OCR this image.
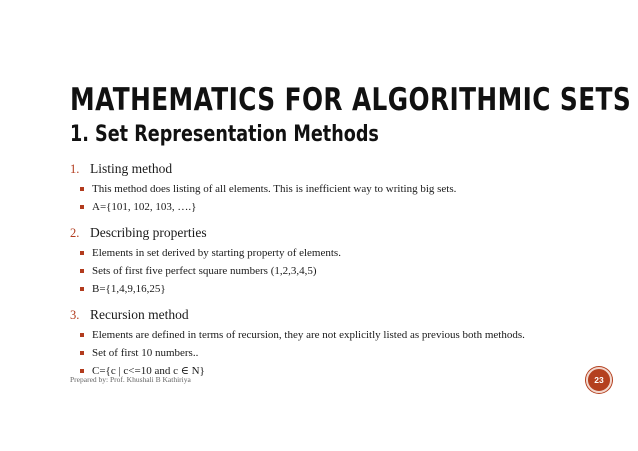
MATHEMATICS FOR ALGORITHMIC SETS
1. Set Representation Methods
1. Listing method
This method does listing of all elements. This is inefficient way to writing big sets.
A={101, 102, 103, ….}
2. Describing properties
Elements in set derived by starting property of elements.
Sets of first five perfect square numbers (1,2,3,4,5)
B={1,4,9,16,25}
3. Recursion method
Elements are defined in terms of recursion, they are not explicitly listed as previous both methods.
Set of first 10 numbers..
C={c | c<=10 and c ∈ N}
Prepared by: Prof. Khushali B Kathiriya	23
